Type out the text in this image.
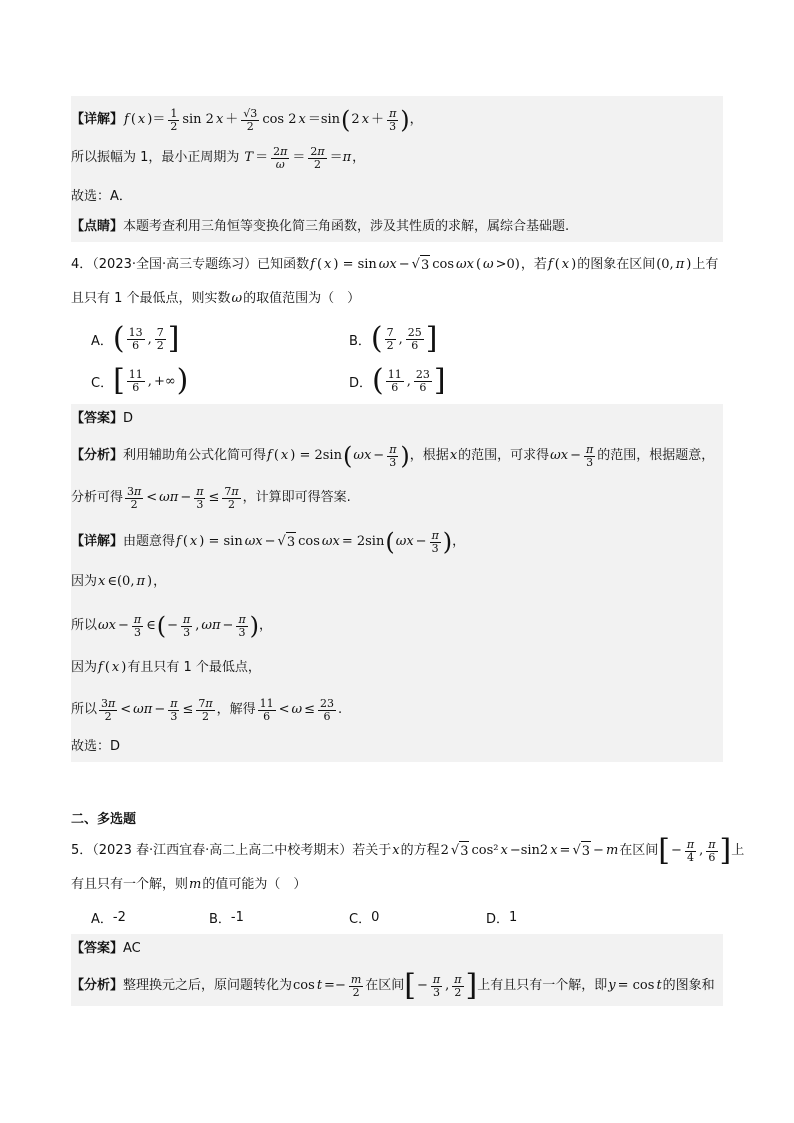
【详解】 f ( x )＝ $\frac{1}{2}$ sin 2 $x + \frac{√3}{2}$ cos 2 x ＝sin ( 2 $x + \frac{\pi}{3}$ ) ，
所以振幅为 1，最小正周期为 $T = \frac{2\pi}{\omega} = \frac{2\pi}{2} =\pi$ ，
故选：A．
【点睛】 本题考查利用三角恒等变换化简三角函数，涉及其性质的求解，属综合基础题.
4．（2023·全国·高三专题练习）已知函数 f ( x ) = sin ωx − √ 3 cos ωx ( ω >0) ，若 f ( x ) 的图象在区间 (0, π ) 上有
且只有 1 个最低点，则实数 ω 的取值范围为（　）
A． ( $\frac{13}{6}$ , $\frac{7}{2}$ ]	B． ( $\frac{7}{2}$ , $\frac{25}{6}$ ]
C． [ $\frac{11}{6}$ , +∞ )	D． ( $\frac{11}{6}$ , $\frac{23}{6}$ ]
【答案】 D
【分析】 利用辅助角公式化简可得 f ( x ) = 2sin ( $\omega x - \frac{\pi}{3}$ ) ，根据 x 的范围，可求得 $\omega x - \frac{\pi}{3}$ 的范围，根据题意，
分析可得 $\frac{3\pi}{2} < \omega\pi - \frac{\pi}{3} \le \frac{7\pi}{2}$ ，计算即可得答案.
【详解】 由题意得 f ( x ) = sin ωx − √ 3 cos ωx = 2sin ( $\omega x - \frac{\pi}{3}$ ) ，
因为 x ∈(0, π ) ，
所以 $\omega x - \frac{\pi}{3}$ ∈ ( − $\frac{\pi}{3}$ , $\omega\pi - \frac{\pi}{3}$ ) ，
因为 f ( x ) 有且只有 1 个最低点，
所以 $\frac{3\pi}{2} < \omega\pi - \frac{\pi}{3} \le \frac{7\pi}{2}$ ，解得 $\frac{11}{6} < \omega \le \frac{23}{6}$ .
故选：D
二、多选题
5．（2023 春·江西宜春·高二上高二中校考期末）若关于 x 的方程 2 √ 3 cos² x −sin2 x = √ 3 − m 在区间 [ − $\frac{\pi}{4}$ , $\frac{\pi}{6}$ ] 上
有且只有一个解，则 m 的值可能为（　）
A． -2	B． -1	C． 0	D． 1
【答案】 AC
【分析】 整理换元之后，原问题转化为 $\cos t =- \frac{m}{2}$ 在区间 [ − $\frac{\pi}{3}$ , $\frac{\pi}{2}$ ] 上有且只有一个解，即 y = cos t 的图象和
